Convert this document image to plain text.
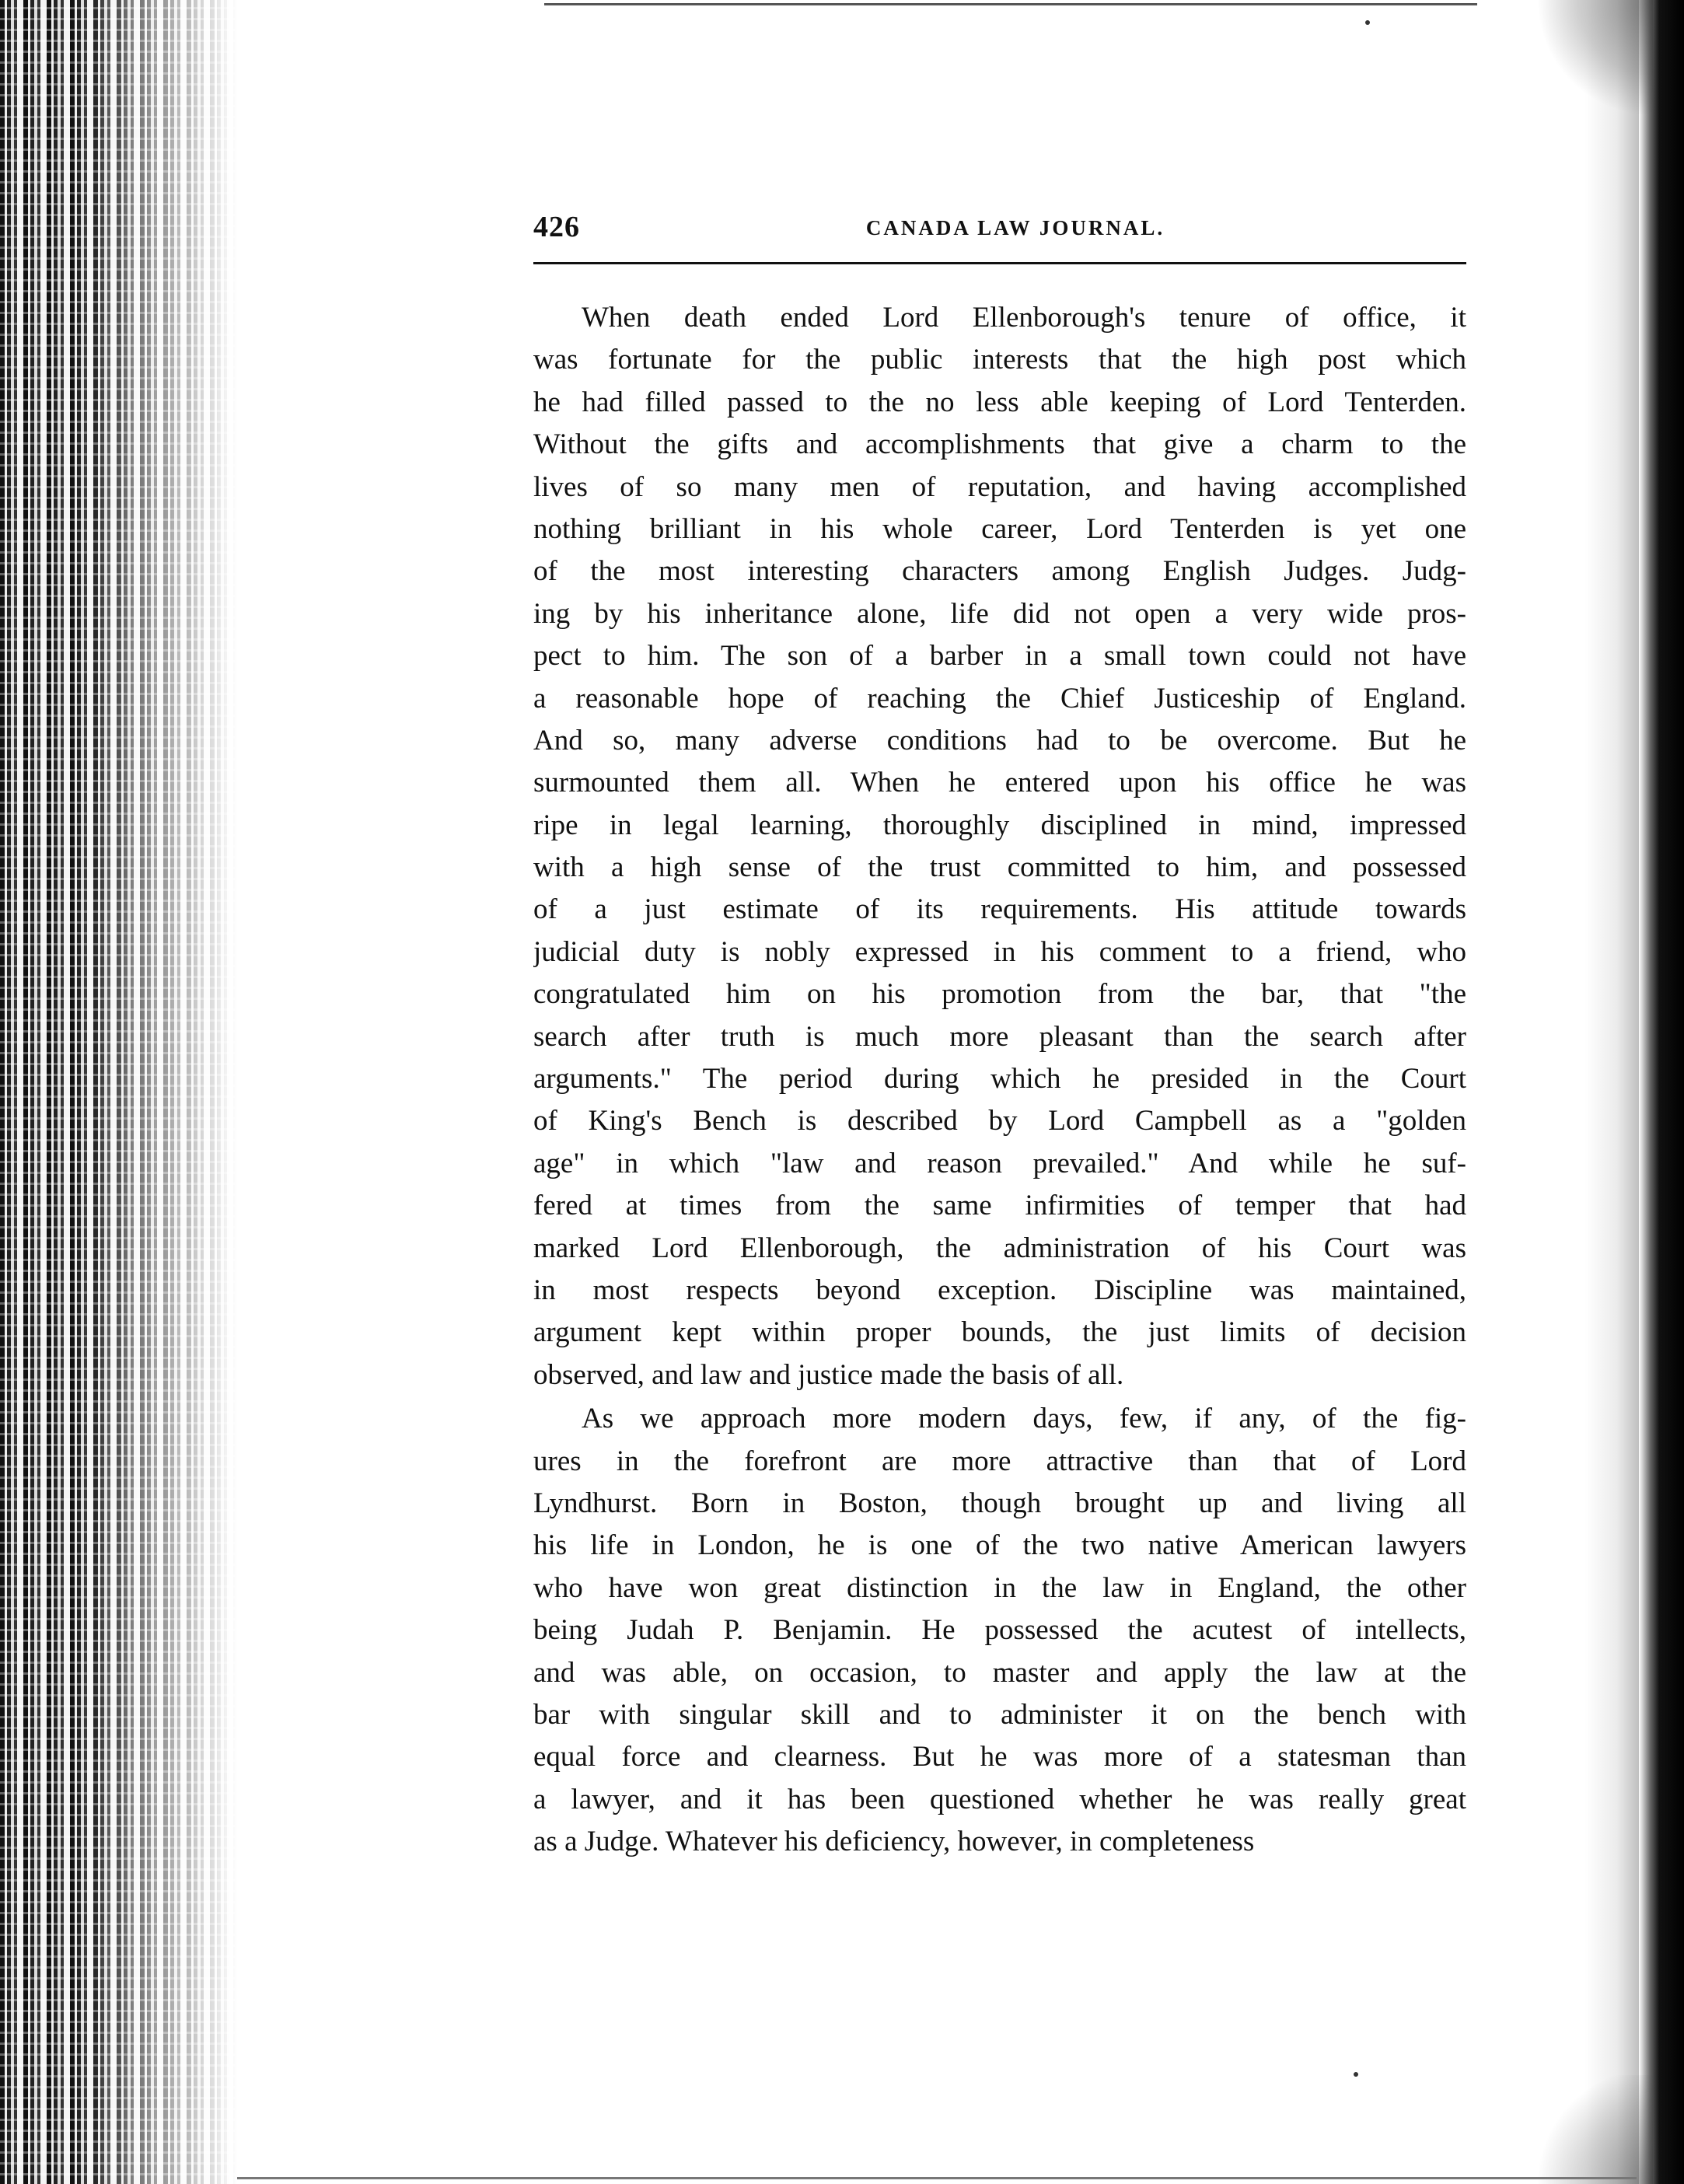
426	CANADA LAW JOURNAL.
When death ended Lord Ellenborough's tenure of office, it
was fortunate for the public interests that the high post which
he had filled passed to the no less able keeping of Lord Tenterden.
Without the gifts and accomplishments that give a charm to the
lives of so many men of reputation, and having accomplished
nothing brilliant in his whole career, Lord Tenterden is yet one
of the most interesting characters among English Judges. Judg-
ing by his inheritance alone, life did not open a very wide pros-
pect to him. The son of a barber in a small town could not have
a reasonable hope of reaching the Chief Justiceship of England.
And so, many adverse conditions had to be overcome. But he
surmounted them all. When he entered upon his office he was
ripe in legal learning, thoroughly disciplined in mind, impressed
with a high sense of the trust committed to him, and possessed
of a just estimate of its requirements. His attitude towards
judicial duty is nobly expressed in his comment to a friend, who
congratulated him on his promotion from the bar, that "the
search after truth is much more pleasant than the search after
arguments." The period during which he presided in the Court
of King's Bench is described by Lord Campbell as a "golden
age" in which "law and reason prevailed." And while he suf-
fered at times from the same infirmities of temper that had
marked Lord Ellenborough, the administration of his Court was
in most respects beyond exception. Discipline was maintained,
argument kept within proper bounds, the just limits of decision
observed, and law and justice made the basis of all.
As we approach more modern days, few, if any, of the fig-
ures in the forefront are more attractive than that of Lord
Lyndhurst. Born in Boston, though brought up and living all
his life in London, he is one of the two native American lawyers
who have won great distinction in the law in England, the other
being Judah P. Benjamin. He possessed the acutest of intellects,
and was able, on occasion, to master and apply the law at the
bar with singular skill and to administer it on the bench with
equal force and clearness. But he was more of a statesman than
a lawyer, and it has been questioned whether he was really great
as a Judge. Whatever his deficiency, however, in completeness
